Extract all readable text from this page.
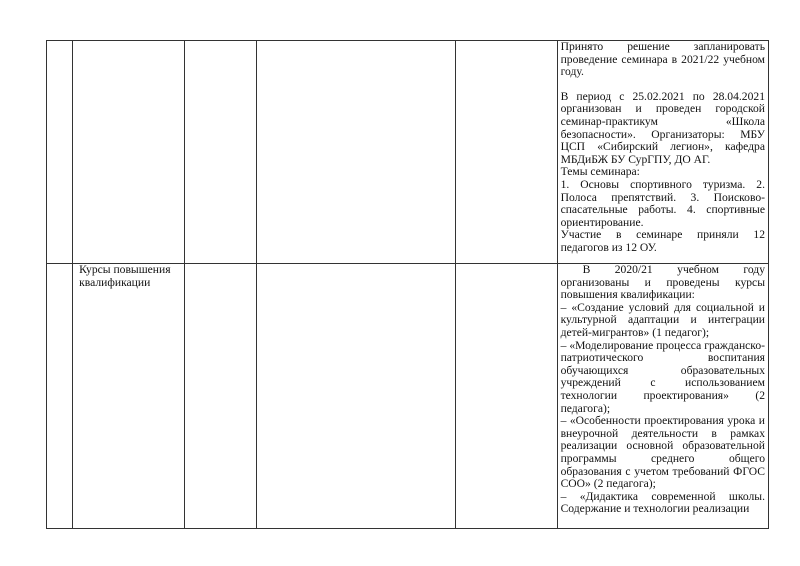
					Принято решение запланировать проведение семинара в 2021/22 учебном году.

В период с 25.02.2021 по 28.04.2021 организован и проведен городской семинар-практикум «Школа безопасности». Организаторы: МБУ ЦСП «Сибирский легион», кафедра МБДиБЖ БУ СурГПУ, ДО АГ.

Темы семинара:

1. Основы спортивного туризма. 2. Полоса препятствий. 3. Поисково-спасательные работы. 4. спортивные ориентирование.

Участие в семинаре приняли 12 педагогов из 12 ОУ.

	Курсы повышения квалификации				В 2020/21 учебном году организованы и проведены курсы повышения квалификации:

– «Создание условий для социальной и культурной адаптации и интеграции детей-мигрантов» (1 педагог);

– «Моделирование процесса гражданско-патриотического воспитания обучающихся образовательных учреждений с использованием технологии проектирования» (2 педагога);

– «Особенности проектирования урока и внеурочной деятельности в рамках реализации основной образовательной программы среднего общего образования с учетом требований ФГОС СОО» (2 педагога);

– «Дидактика современной школы. Содержание и технологии реализации
